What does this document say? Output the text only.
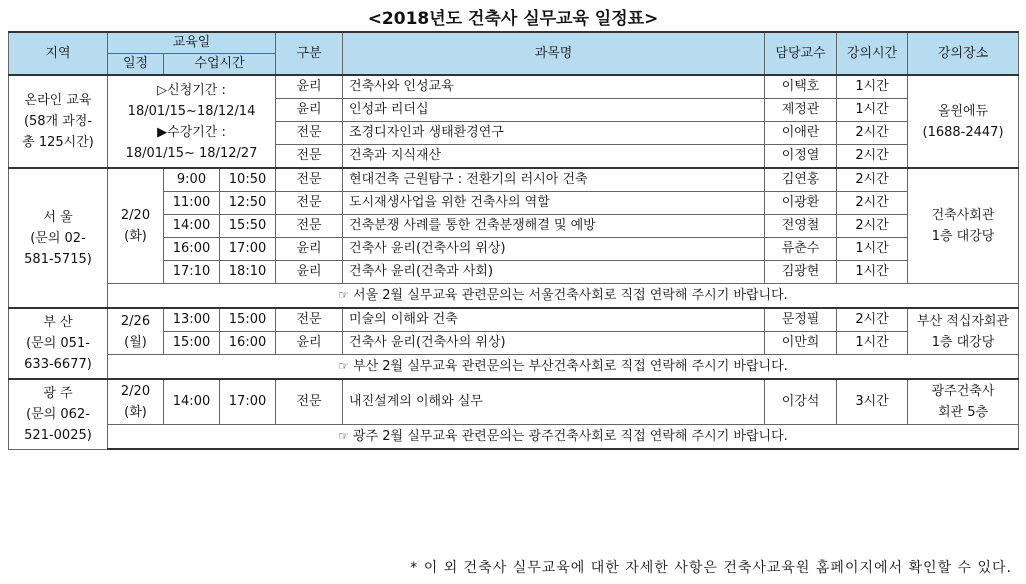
<2018년도 건축사 실무교육 일정표>
지역	교육일			구분	과목명	담당교수	강의시간	강의장소
	일정	수업시간						

온라인 교육
(58개 과정-
총 125시간)	▷신청기간 :
18/01/15~18/12/14
▶수강기간 :
18/01/15~ 18/12/27			윤리	건축사와 인성교육	이택호	1시간	올윈에듀
(1688-2447)

				윤리	인성과 리더십	제정관	1시간	
				전문	조경디자인과 생태환경연구	이애란	2시간	
				전문	건축과 지식재산	이정열	2시간	

서 울
(문의 02-
581-5715)	2/20
(화)	9:00	10:50	전문	현대건축 근원탐구 : 전환기의 러시아 건축	김연홍	2시간	건축사회관
1층 대강당

		11:00	12:50	전문	도시재생사업을 위한 건축사의 역할	이광환	2시간	
		14:00	15:50	전문	건축분쟁 사례를 통한 건축분쟁해결 및 예방	전영철	2시간	
		16:00	17:00	윤리	건축사 윤리(건축사의 위상)	류춘수	1시간	
		17:10	18:10	윤리	건축사 윤리(건축과 사회)	김광현	1시간	
	☞ 서울 2월 실무교육 관련문의는 서울건축사회로 직접 연락해 주시기 바랍니다.							

부 산
(문의 051-
633-6677)	2/26
(월)	13:00	15:00	전문	미술의 이해와 건축	문정필	2시간	부산 적십자회관
1층 대강당

		15:00	16:00	윤리	건축사 윤리(건축사의 위상)	이만희	1시간	
	☞ 부산 2월 실무교육 관련문의는 부산건축사회로 직접 연락해 주시기 바랍니다.							

광 주
(문의 062-
521-0025)	2/20
(화)	14:00	17:00	전문	내진설계의 이해와 실무	이강석	3시간	광주건축사
회관 5층

	☞ 광주 2월 실무교육 관련문의는 광주건축사회로 직접 연락해 주시기 바랍니다.							
* 이 외 건축사 실무교육에 대한 자세한 사항은 건축사교육원 홈페이지에서 확인할 수 있다.
